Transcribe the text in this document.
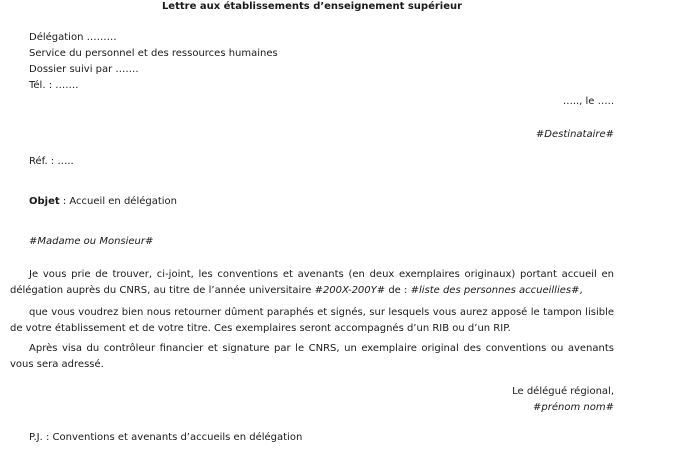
Lettre aux établissements d’enseignement supérieur
Délégation ………
Service du personnel et des ressources humaines
Dossier suivi par …….
Tél. : …….
….., le …..
#Destinataire#
Réf. : …..
Objet : Accueil en délégation
#Madame ou Monsieur#
Je vous prie de trouver, ci-joint, les conventions et avenants (en deux exemplaires originaux) portant accueil en délégation auprès du CNRS, au titre de l’année universitaire #200X-200Y# de : #liste des personnes accueillies#,
que vous voudrez bien nous retourner dûment paraphés et signés, sur lesquels vous aurez apposé le tampon lisible de votre établissement et de votre titre. Ces exemplaires seront accompagnés d’un RIB ou d’un RIP.
Après visa du contrôleur financier et signature par le CNRS, un exemplaire original des conventions ou avenants vous sera adressé.
Le délégué régional,
#prénom nom#
P.J. : Conventions et avenants d’accueils en délégation
